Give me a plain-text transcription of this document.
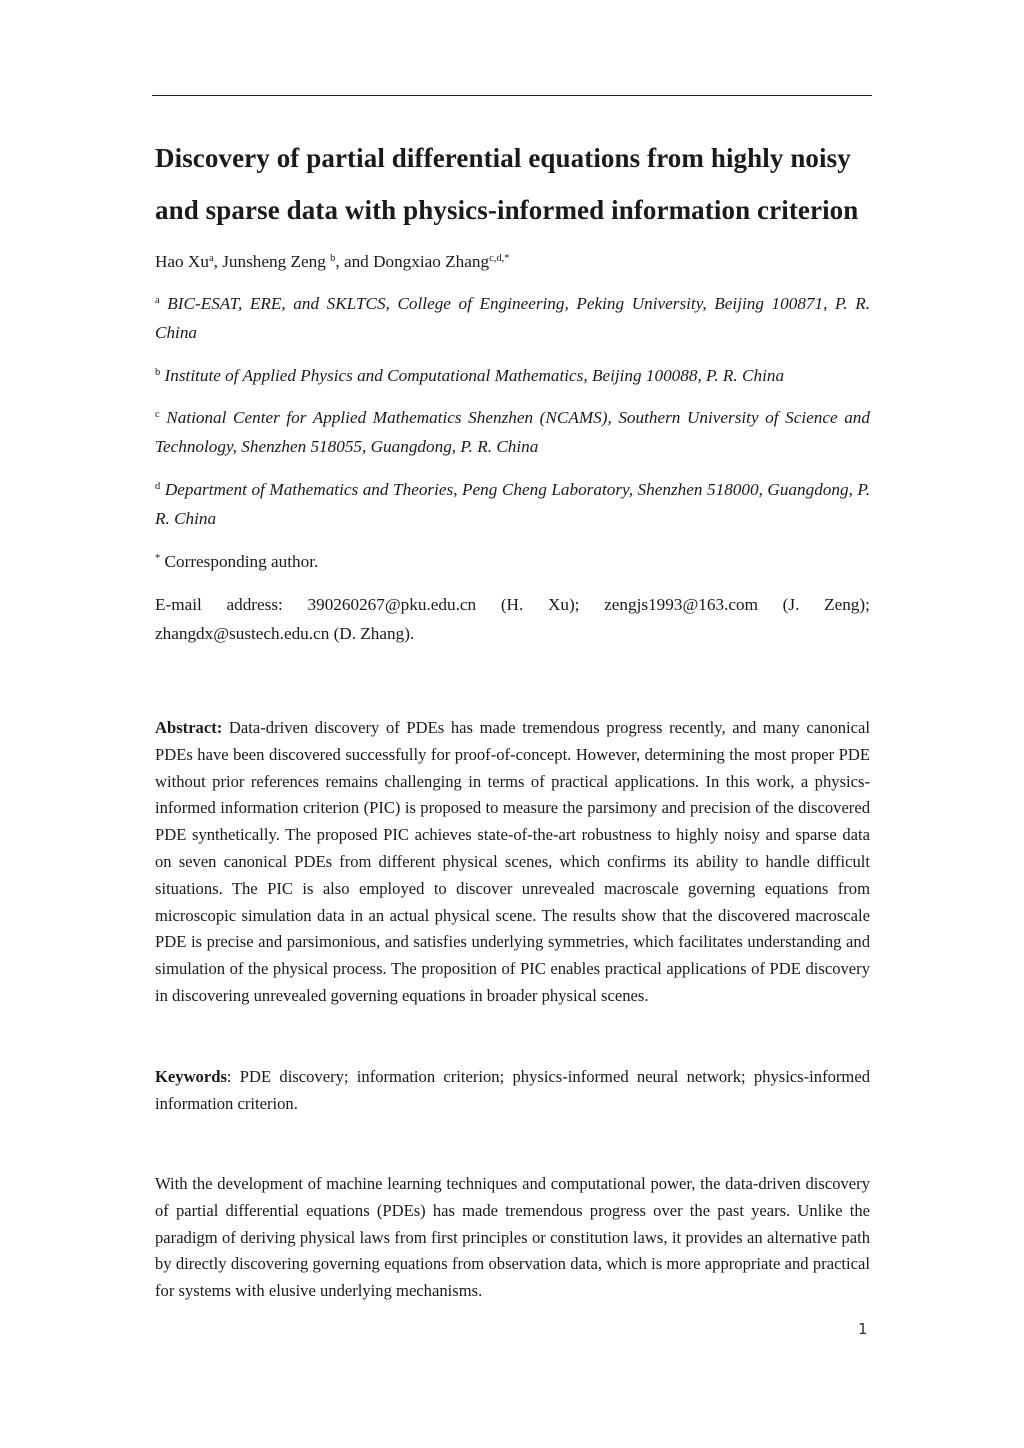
Discovery of partial differential equations from highly noisy
and sparse data with physics-informed information criterion
Hao Xu$^a$, Junsheng Zeng $^b$, and Dongxiao Zhang$^{c,d,*}$
$^a$ BIC-ESAT, ERE, and SKLTCS, College of Engineering, Peking University, Beijing 100871, P. R. China
$^b$ Institute of Applied Physics and Computational Mathematics, Beijing 100088, P. R. China
$^c$ National Center for Applied Mathematics Shenzhen (NCAMS), Southern University of Science and Technology, Shenzhen 518055, Guangdong, P. R. China
$^d$ Department of Mathematics and Theories, Peng Cheng Laboratory, Shenzhen 518000, Guangdong, P. R. China
* Corresponding author.
E-mail address: 390260267@pku.edu.cn (H. Xu); zengjs1993@163.com (J. Zeng);
zhangdx@sustech.edu.cn (D. Zhang).
Abstract: Data-driven discovery of PDEs has made tremendous progress recently, and many canonical PDEs have been discovered successfully for proof-of-concept. However, determining the most proper PDE without prior references remains challenging in terms of practical applications. In this work, a physics-informed information criterion (PIC) is proposed to measure the parsimony and precision of the discovered PDE synthetically. The proposed PIC achieves state-of-the-art robustness to highly noisy and sparse data on seven canonical PDEs from different physical scenes, which confirms its ability to handle difficult situations. The PIC is also employed to discover unrevealed macroscale governing equations from microscopic simulation data in an actual physical scene. The results show that the discovered macroscale PDE is precise and parsimonious, and satisfies underlying symmetries, which facilitates understanding and simulation of the physical process. The proposition of PIC enables practical applications of PDE discovery in discovering unrevealed governing equations in broader physical scenes.
Keywords: PDE discovery; information criterion; physics-informed neural network; physics-informed information criterion.
With the development of machine learning techniques and computational power, the data-driven discovery of partial differential equations (PDEs) has made tremendous progress over the past years. Unlike the paradigm of deriving physical laws from first principles or constitution laws, it provides an alternative path by directly discovering governing equations from observation data, which is more appropriate and practical for systems with elusive underlying mechanisms.
1
